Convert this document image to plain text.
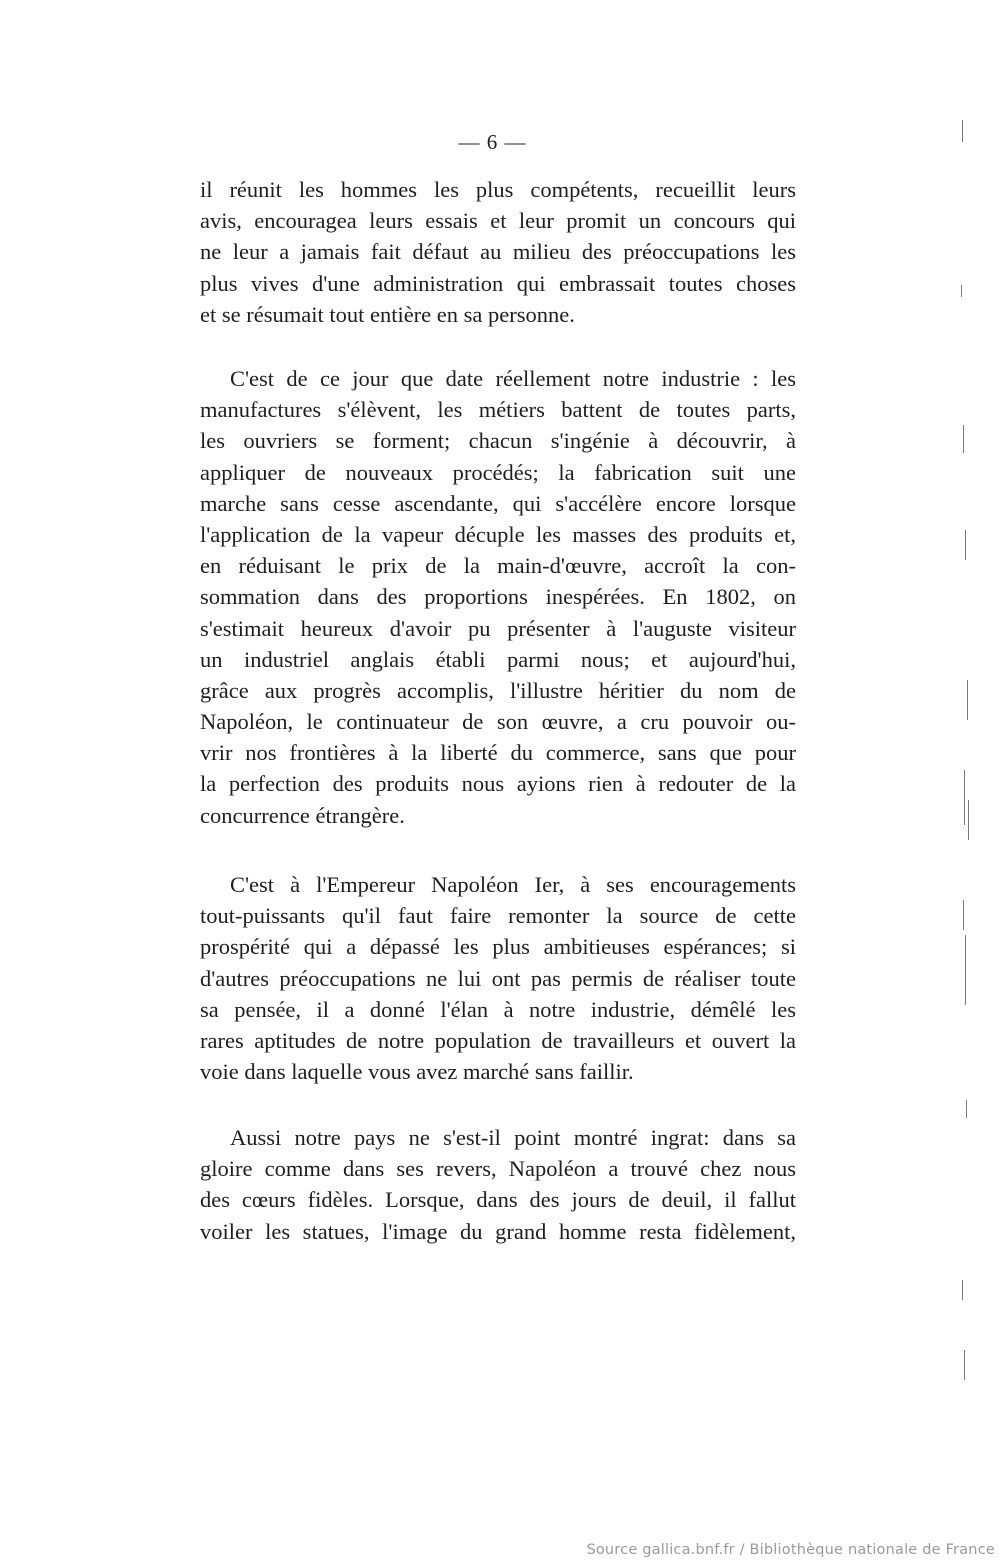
— 6 —
il réunit les hommes les plus compétents, recueillit leurs
avis, encouragea leurs essais et leur promit un concours qui
ne leur a jamais fait défaut au milieu des préoccupations les
plus vives d'une administration qui embrassait toutes choses
et se résumait tout entière en sa personne.
C'est de ce jour que date réellement notre industrie : les
manufactures s'élèvent, les métiers battent de toutes parts,
les ouvriers se forment; chacun s'ingénie à découvrir, à
appliquer de nouveaux procédés; la fabrication suit une
marche sans cesse ascendante, qui s'accélère encore lorsque
l'application de la vapeur décuple les masses des produits et,
en réduisant le prix de la main-d'œuvre, accroît la con-
sommation dans des proportions inespérées. En 1802, on
s'estimait heureux d'avoir pu présenter à l'auguste visiteur
un industriel anglais établi parmi nous; et aujourd'hui,
grâce aux progrès accomplis, l'illustre héritier du nom de
Napoléon, le continuateur de son œuvre, a cru pouvoir ou-
vrir nos frontières à la liberté du commerce, sans que pour
la perfection des produits nous ayions rien à redouter de la
concurrence étrangère.
C'est à l'Empereur Napoléon Ier, à ses encouragements
tout-puissants qu'il faut faire remonter la source de cette
prospérité qui a dépassé les plus ambitieuses espérances; si
d'autres préoccupations ne lui ont pas permis de réaliser toute
sa pensée, il a donné l'élan à notre industrie, démêlé les
rares aptitudes de notre population de travailleurs et ouvert la
voie dans laquelle vous avez marché sans faillir.
Aussi notre pays ne s'est-il point montré ingrat: dans sa
gloire comme dans ses revers, Napoléon a trouvé chez nous
des cœurs fidèles. Lorsque, dans des jours de deuil, il fallut
voiler les statues, l'image du grand homme resta fidèlement,
Source gallica.bnf.fr / Bibliothèque nationale de France
